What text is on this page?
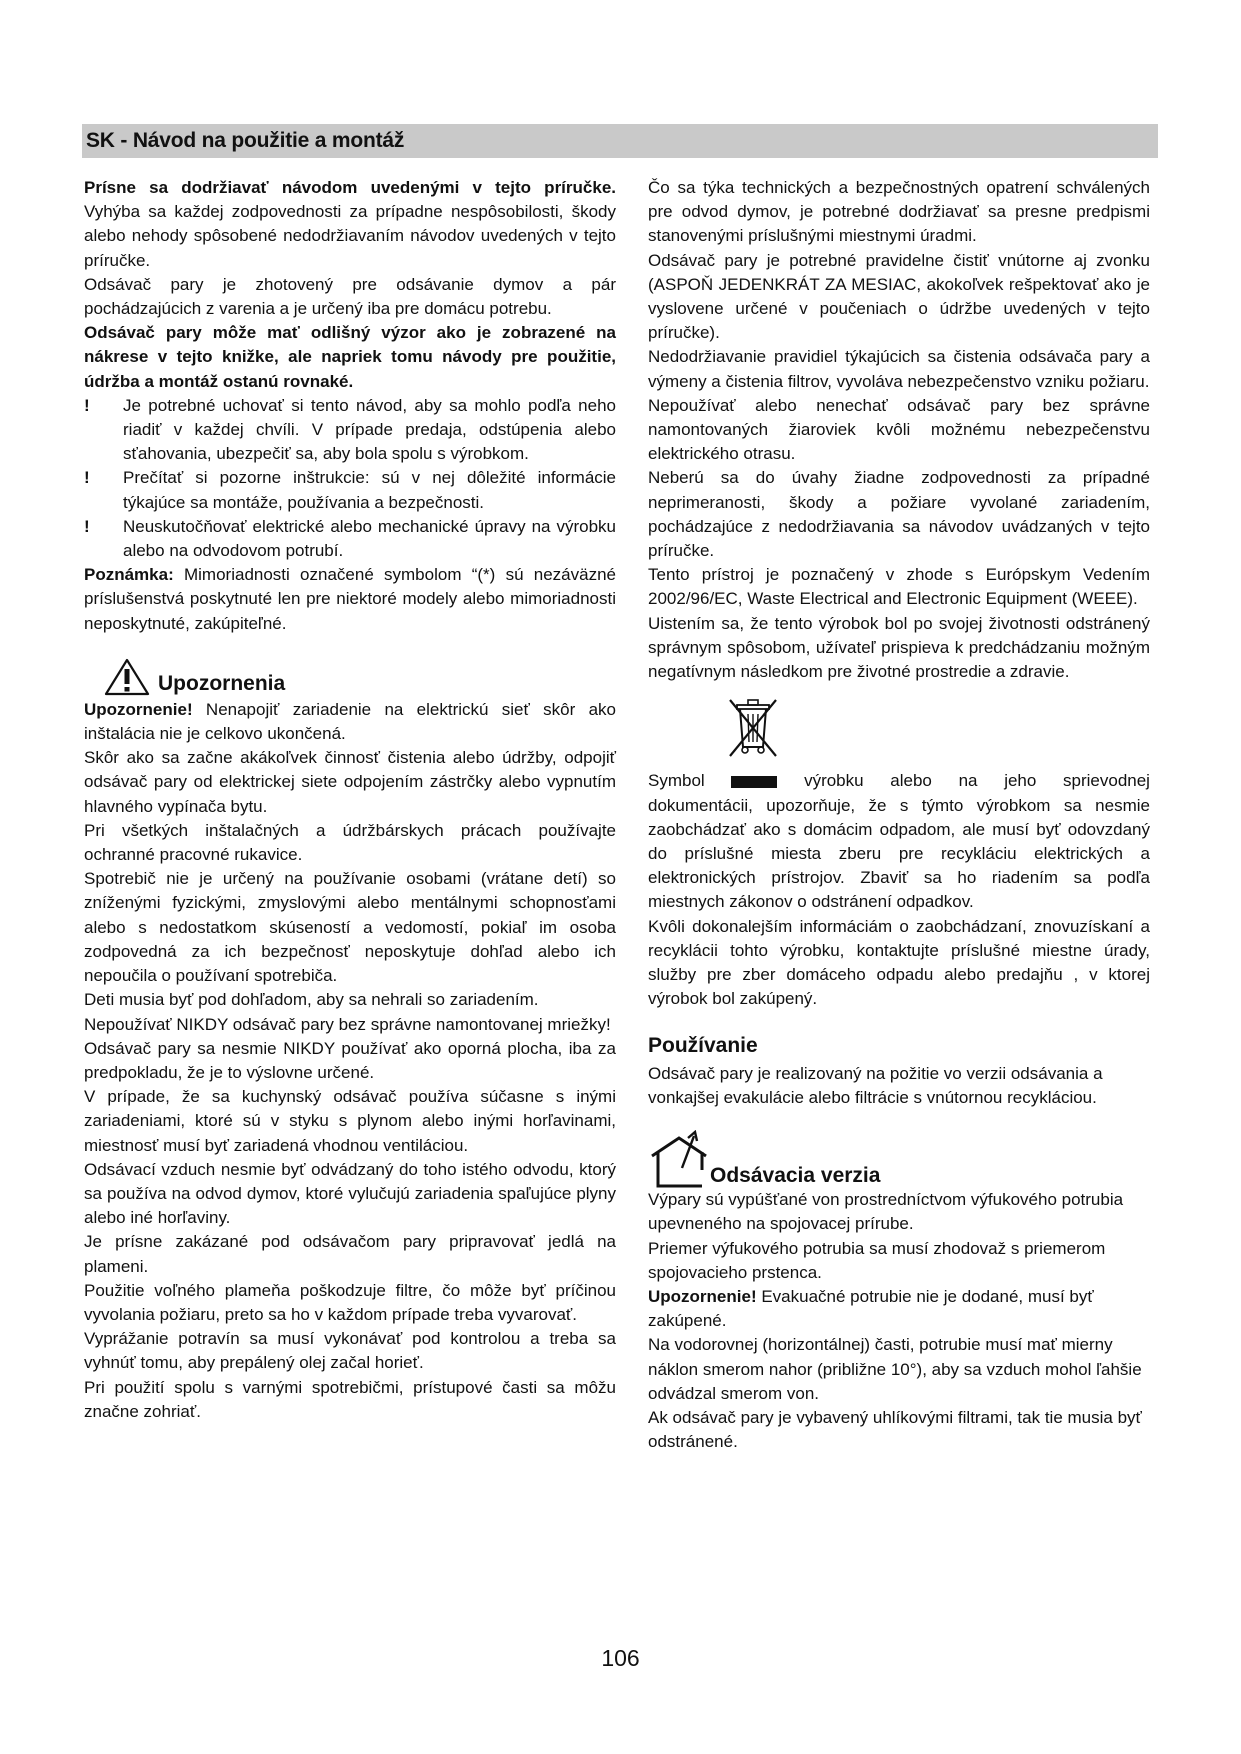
SK - Návod na použitie a montáž

Prísne sa dodržiavať návodom uvedenými v tejto príručke. Vyhýba sa každej zodpovednosti za prípadne nespôsobilosti, škody alebo nehody spôsobené nedodržiavaním návodov uvedených v tejto príručke.

Odsávač pary je zhotovený pre odsávanie dymov a pár pochádzajúcich z varenia a je určený iba pre domácu potrebu.

Odsávač pary môže mať odlišný výzor ako je zobrazené na nákrese v tejto knižke, ale napriek tomu návody pre použitie, údržba a montáž ostanú rovnaké.

! Je potrebné uchovať si tento návod, aby sa mohlo podľa neho riadiť v každej chvíli. V prípade predaja, odstúpenia alebo sťahovania, ubezpečiť sa, aby bola spolu s výrobkom.
! Prečítať si pozorne inštrukcie: sú v nej dôležité informácie týkajúce sa montáže, používania a bezpečnosti.
! Neuskutočňovať elektrické alebo mechanické úpravy na výrobku alebo na odvodovom potrubí.

Poznámka: Mimoriadnosti označené symbolom “(*) sú nezáväzné príslušenstvá poskytnuté len pre niektoré modely alebo mimoriadnosti neposkytnuté, zakúpiteľné.

Upozornenia

Upozornenie! Nenapojiť zariadenie na elektrickú sieť skôr ako inštalácia nie je celkovo ukončená.

Skôr ako sa začne akákoľvek činnosť čistenia alebo údržby, odpojiť odsávač pary od elektrickej siete odpojením zástrčky alebo vypnutím hlavného vypínača bytu.

Pri všetkých inštalačných a údržbárskych prácach používajte ochranné pracovné rukavice.

Spotrebič nie je určený na používanie osobami (vrátane detí) so zníženými fyzickými, zmyslovými alebo mentálnymi schopnosťami alebo s nedostatkom skúseností a vedomostí, pokiaľ im osoba zodpovedná za ich bezpečnosť neposkytuje dohľad alebo ich nepoučila o používaní spotrebiča.

Deti musia byť pod dohľadom, aby sa nehrali so zariadením.

Nepoužívať NIKDY odsávač pary bez správne namontovanej mriežky!

Odsávač pary sa nesmie NIKDY používať ako oporná plocha, iba za predpokladu, že je to výslovne určené.

V prípade, že sa kuchynský odsávač používa súčasne s inými zariadeniami, ktoré sú v styku s plynom alebo inými horľavinami, miestnosť musí byť zariadená vhodnou ventiláciou.

Odsávací vzduch nesmie byť odvádzaný do toho istého odvodu, ktorý sa používa na odvod dymov, ktoré vylučujú zariadenia spaľujúce plyny alebo iné horľaviny.

Je prísne zakázané pod odsávačom pary pripravovať jedlá na plameni.

Použitie voľného plameňa poškodzuje filtre, čo môže byť príčinou vyvolania požiaru, preto sa ho v každom prípade treba vyvarovať.

Vyprážanie potravín sa musí vykonávať pod kontrolou a treba sa vyhnúť tomu, aby prepálený olej začal horieť.

Pri použití spolu s varnými spotrebičmi, prístupové časti sa môžu značne zohriať.

Čo sa týka technických a bezpečnostných opatrení schválených pre odvod dymov, je potrebné dodržiavať sa presne predpismi stanovenými príslušnými miestnymi úradmi.

Odsávač pary je potrebné pravidelne čistiť vnútorne aj zvonku (ASPOŇ JEDENKRÁT ZA MESIAC, akokoľvek rešpektovať ako je vyslovene určené v poučeniach o údržbe uvedených v tejto príručke).

Nedodržiavanie pravidiel týkajúcich sa čistenia odsávača pary a výmeny a čistenia filtrov, vyvoláva nebezpečenstvo vzniku požiaru.

Nepoužívať alebo nenechať odsávač pary bez správne namontovaných žiaroviek kvôli možnému nebezpečenstvu elektrického otrasu.

Neberú sa do úvahy žiadne zodpovednosti za prípadné neprimeranosti, škody a požiare vyvolané zariadením, pochádzajúce z nedodržiavania sa návodov uvádzaných v tejto príručke.

Tento prístroj je poznačený v zhode s Európskym Vedením 2002/96/EC, Waste Electrical and Electronic Equipment (WEEE).

Uistením sa, že tento výrobok bol po svojej životnosti odstránený správnym spôsobom, užívateľ prispieva k predchádzaniu možným negatívnym následkom pre životné prostredie a zdravie.

Symbol	výrobku alebo na jeho sprievodnej

dokumentácii, upozorňuje, že s týmto výrobkom sa nesmie zaobchádzať ako s domácim odpadom, ale musí byť odovzdaný do príslušné miesta zberu pre recykláciu elektrických a elektronických prístrojov. Zbaviť sa ho riadením sa podľa miestnych zákonov o odstránení odpadkov.

Kvôli dokonalejším informáciám o zaobchádzaní, znovuzískaní a recyklácii tohto výrobku, kontaktujte príslušné miestne úrady, služby pre zber domáceho odpadu alebo predajňu , v ktorej výrobok bol zakúpený.

Používanie

Odsávač pary je realizovaný na požitie vo verzii odsávania a vonkajšej evakulácie alebo filtrácie s vnútornou recykláciou.

Odsávacia verzia

Výpary sú vypúšťané von prostredníctvom výfukového potrubia upevneného na spojovacej prírube.

Priemer výfukového potrubia sa musí zhodovaž s priemerom spojovacieho prstenca.

Upozornenie! Evakuačné potrubie nie je dodané, musí byť zakúpené.

Na vodorovnej (horizontálnej) časti, potrubie musí mať mierny náklon smerom nahor (približne 10°), aby sa vzduch mohol ľahšie odvádzal smerom von.

Ak odsávač pary je vybavený uhlíkovými filtrami, tak tie musia byť odstránené.

106
